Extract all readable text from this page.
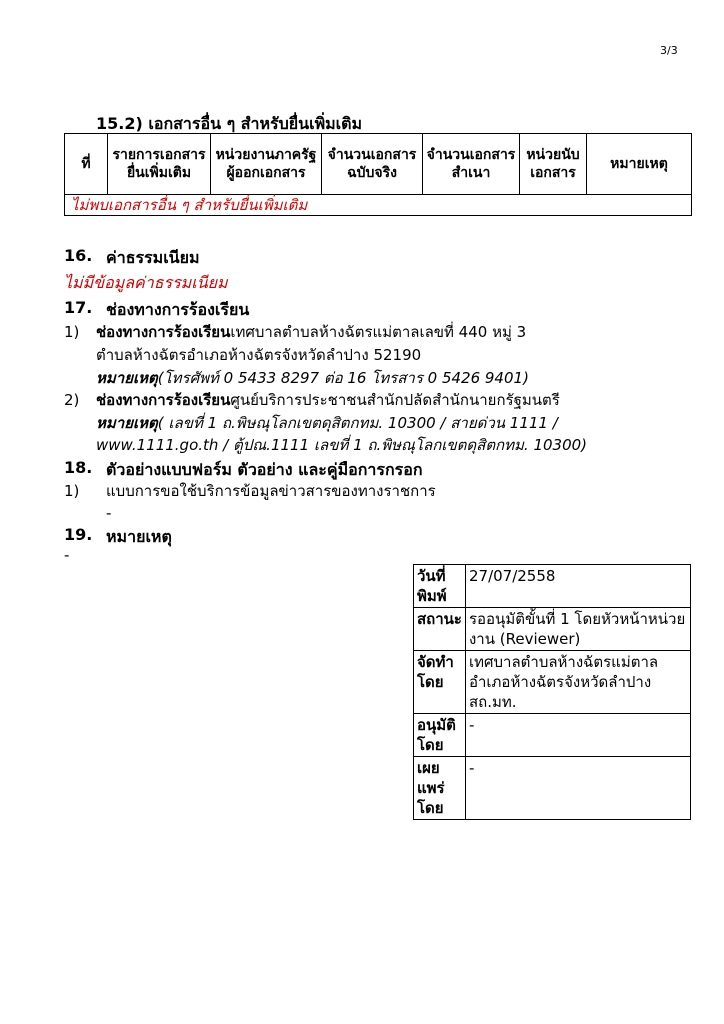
3/3
15.2) เอกสารอื่น ๆ สำหรับยื่นเพิ่มเติม
ที่	รายการเอกสารยื่นเพิ่มเติม	หน่วยงานภาครัฐผู้ออกเอกสาร	จำนวนเอกสารฉบับจริง	จำนวนเอกสารสำเนา	หน่วยนับเอกสาร	หมายเหตุ
ไม่พบเอกสารอื่น ๆ สำหรับยื่นเพิ่มเติม
16. ค่าธรรมเนียม
ไม่มีข้อมูลค่าธรรมเนียม
17. ช่องทางการร้องเรียน
1) ช่องทางการร้องเรียนเทศบาลตำบลห้างฉัตรแม่ตาลเลขที่ 440 หมู่ 3
ตำบลห้างฉัตรอำเภอห้างฉัตรจังหวัดลำปาง 52190
หมายเหตุ(โทรศัพท์ 0 5433 8297 ต่อ 16 โทรสาร 0 5426 9401)
2) ช่องทางการร้องเรียนศูนย์บริการประชาชนสำนักปลัดสำนักนายกรัฐมนตรี
หมายเหตุ( เลขที่ 1 ถ.พิษณุโลกเขตดุสิตกทม. 10300 / สายด่วน 1111 /
www.1111.go.th / ตู้ปณ.1111 เลขที่ 1 ถ.พิษณุโลกเขตดุสิตกทม. 10300)
18. ตัวอย่างแบบฟอร์ม ตัวอย่าง และคู่มือการกรอก
1) แบบการขอใช้บริการข้อมูลข่าวสารของทางราชการ
-
19. หมายเหตุ
-
วันที่พิมพ์	27/07/2558
สถานะ	รออนุมัติขั้นที่ 1 โดยหัวหน้าหน่วยงาน (Reviewer)
จัดทำโดย	เทศบาลตำบลห้างฉัตรแม่ตาลอำเภอห้างฉัตรจังหวัดลำปางสถ.มท.
อนุมัติโดย	-
เผยแพร่โดย	-
